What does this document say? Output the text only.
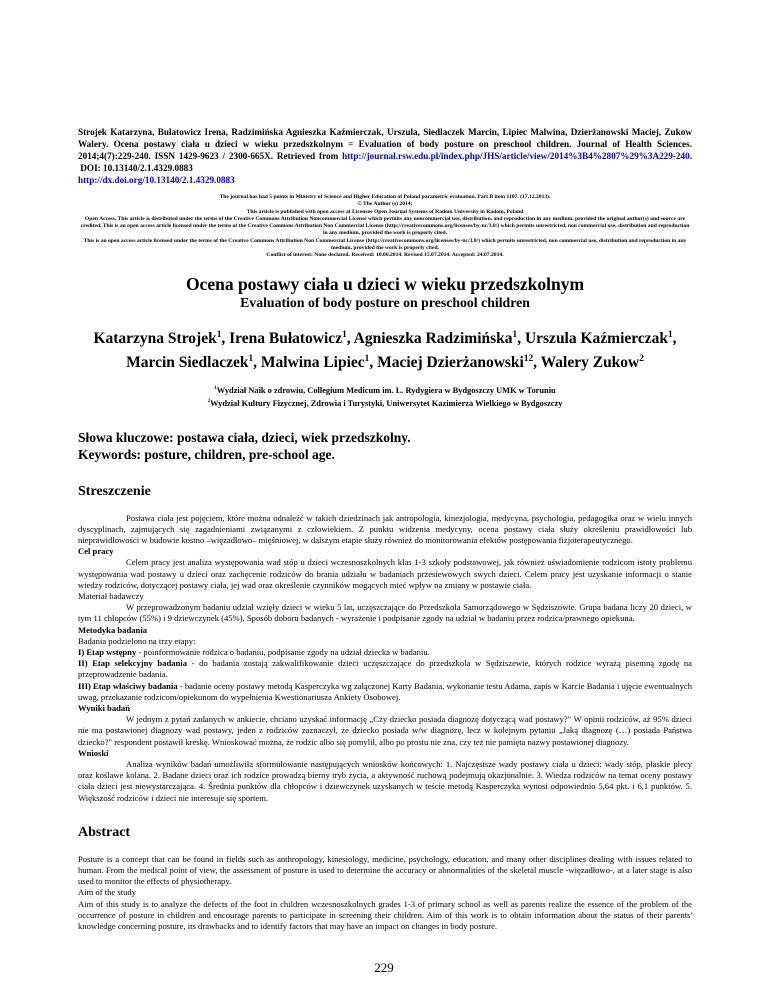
Strojek Katarzyna, Bułatowicz Irena, Radzimińska Agnieszka Kaźmierczak, Urszula, Siedlaczek Marcin, Lipiec Malwina, Dzierżanowski Maciej, Zukow Walery. Ocena postawy ciała u dzieci w wieku przedszkolnym = Evaluation of body posture on preschool children. Journal of Health Sciences. 2014;4(7):229-240. ISSN 1429-9623 / 2300-665X. Retrieved from http://journal.rsw.edu.pl/index.php/JHS/article/view/2014%3B4%2807%29%3A229-240.  DOI: 10.13140/2.1.4329.0883
http://dx.doi.org/10.13140/2.1.4329.0883
The journal has had 5 points in Ministry of Science and Higher Education of Poland parametric evaluation. Part B item 1107. (17.12.2013).
© The Author (s) 2014;
This article is published with open access at Licensee Open Journal Systems of Radom University in Radom, Poland
Open Access. This article is distributed under the terms of the Creative Commons Attribution Noncommercial License which permits any noncommercial use, distribution, and reproduction in any medium, provided the original author(s) and source are credited. This is an open access article licensed under the terms of the Creative Commons Attribution Non Commercial License (http://creativecommons.org/licenses/by-nc/3.0/) which permits unrestricted, non commercial use, distribution and reproduction in any medium, provided the work is properly cited.
This is an open access article licensed under the terms of the Creative Commons Attribution Non Commercial License (http://creativecommons.org/licenses/by-nc/3.0/) which permits unrestricted, non commercial use, distribution and reproduction in any medium, provided the work is properly cited.
Conflict of interest: None declared. Received: 10.06.2014. Revised 15.07.2014. Accepted: 24.07.2014.
Ocena postawy ciała u dzieci w wieku przedszkolnym
Evaluation of body posture on preschool children
Katarzyna Strojek$^1$, Irena Bułatowicz$^1$, Agnieszka Radzimińska$^1$, Urszula Kaźmierczak$^1$,
Marcin Siedlaczek$^1$, Malwina Lipiec$^1$, Maciej Dzierżanowski$^{12}$, Walery Zukow$^2$
$^1$Wydział Naik o zdrowiu, Collegium Medicum im. L. Rydygiera w Bydgoszczy UMK w Toruniu
$^2$Wydział Kultury Fizycznej, Zdrowia i Turystyki, Uniwersytet Kazimierza Wielkiego w Bydgoszczy
Słowa kluczowe: postawa ciała, dzieci, wiek przedszkolny.
Keywords: posture, children, pre-school age.
Streszczenie

Postawa ciała jest pojęciem, które można odnaleźć w takich dziedzinach jak antropologia, kinezjologia, medycyna, psychologia, pedagogika oraz w wielu innych dyscyplinach, zajmujących się zagadnieniami związanymi z człowiekiem. Z punktu widzenia medycyny, ocena postawy ciała służy określeniu prawidłowości lub nieprawidłowości w budowie kostno –więzadłowo– mięśniowej, w dalszym etapie służy również do monitorowania efektów postępowania fizjoterapeutycznego.

Cel pracy

Celem pracy jest analiza występowania wad stóp u dzieci wczesnoszkolnych klas 1-3 szkoły podstawowej, jak również uświadomienie rodzicom istoty problemu występowania wad postawy u dzieci oraz zachęcenie rodziców do brania udziału w badaniach przesiewowych swych dzieci. Celem pracy jest uzyskanie informacji o stanie wiedzy rodziców, dotyczącej postawy ciała, jej wad oraz określenie czynników mogących mieć wpływ na zmiany w postawie ciała.

Materiał badawczy

W przeprowadzonym badaniu udział wzięły dzieci w wieku 5 lat, uczęszczające do Przedszkola Samorządowego w Sędziszowie. Grupa badana liczy 20 dzieci, w tym 11 chłopców (55%) i 9 dziewczynek (45%). Sposób doboru badanych - wyrażenie i podpisanie zgody na udział w badaniu przez rodzica/prawnego opiekuna.

Metodyka badania

Badania podzielono na trzy etapy:

I) Etap wstępny - poinformowanie rodzica o badaniu, podpisanie zgody na udział dziecka w badaniu.

II) Etap selekcyjny badania - do badania zostają zakwalifikowanie dzieci uczęszczające do przedszkola w Sędziszewie, których rodzice wyrażą pisemną zgodę na przeprowadzenie badania.

III) Etap właściwy badania - badanie oceny postawy metodą Kasperczyka wg załączonej Karty Badania, wykonanie testu Adama, zapis w Karcie Badania i ujęcie ewentualnych uwag, przekazanie rodzicom/opiekunom do wypełnienia Kwestionariusza Ankiety Osobowej.

Wyniki badań

W jednym z pytań zadanych w ankiecie, chciano uzyskać informację „Czy dziecko posiada diagnozę dotyczącą wad postawy?" W opinii rodziców, aż 95% dzieci nie ma postawionej diagnozy wad postawy, jeden z rodziców zaznaczył, że dziecko posiada w/w diagnozę, lecz w kolejnym pytaniu „Jaką diagnozę (…) posiada Państwa dziecko?" respondent postawił kreskę. Wnioskować można, że rodzic albo się pomylił, albo po prostu nie zna, czy też nie pamięta nazwy postawionej diagnozy.

Wnioski

Analiza wyników badań umożliwiła sformułowanie następujących wniosków końcowych: 1. Najczęstsze wady postawy ciała u dzieci: wady stóp, płaskie plecy oraz koślawe kolana. 2. Badane dzieci oraz ich rodzice prowadzą bierny tryb życia, a aktywność ruchową podejmują okazjonalnie. 3. Wiedza rodziców na temat oceny postawy ciała dzieci jest niewystarczająca. 4. Średnia punktów dla chłopców i dziewczynek uzyskanych w teście metodą Kasperczyka wynosi odpowiednio 5,64 pkt. i 6,1 punktów. 5. Większość rodziców i dzieci nie interesuje się sportem.

Abstract

Posture is a concept that can be found in fields such as anthropology, kinesiology, medicine, psychology, education, and many other disciplines dealing with issues related to human. From the medical point of view, the assessment of posture is used to determine the accuracy or abnormalities of the skeletal muscle -więzadłowo-, at a later stage is also used to monitor the effects of physiotherapy.

Aim of the study

Aim of this study is to analyze the defects of the foot in children wczesnoszkolnych grades 1-3 of primary school as well as parents realize the essence of the problem of the occurrence of posture in children and encourage parents to participate in screening their children. Aim of this work is to obtain information about the status of their parents' knowledge concerning posture, its drawbacks and to identify factors that may have an impact on changes in body posture.

229
